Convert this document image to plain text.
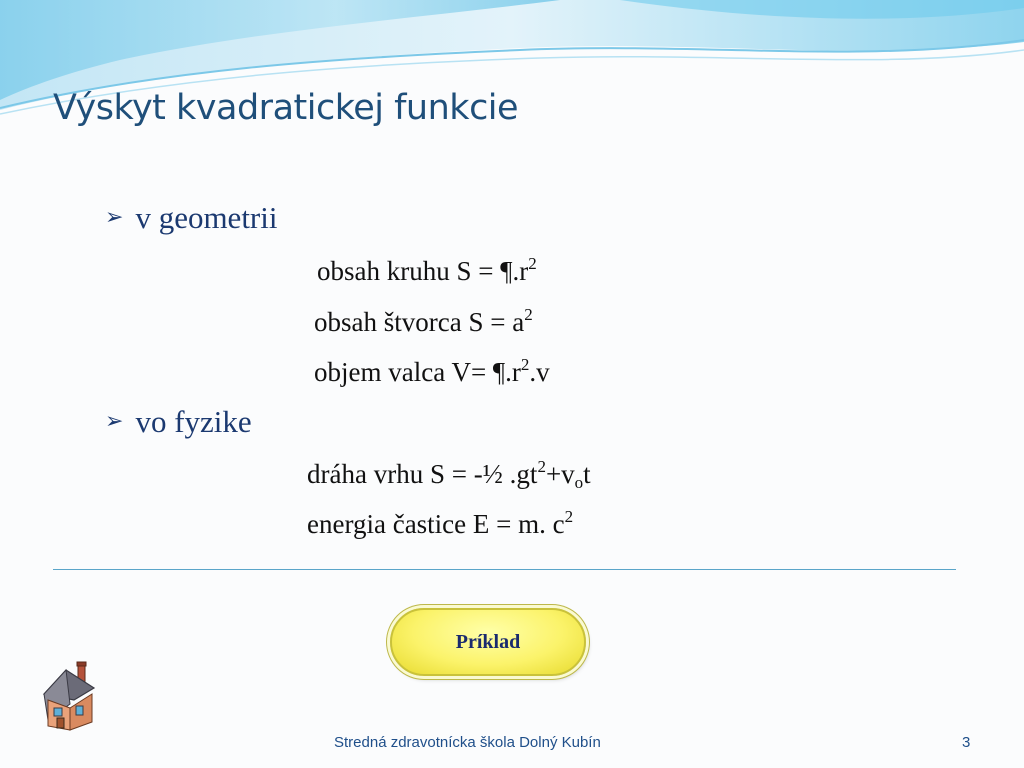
Výskyt kvadratickej funkcie
➢ v geometrii
obsah kruhu $S = \P.r^2$
obsah štvorca $S = a^2$
objem valca $V= \P.r^2.v$
➢ vo fyzike
dráha vrhu S = -½ $.gt^2+v_ot$
energia častice E = m. $c^2$
Príklad
Stredná zdravotnícka škola Dolný Kubín	3
